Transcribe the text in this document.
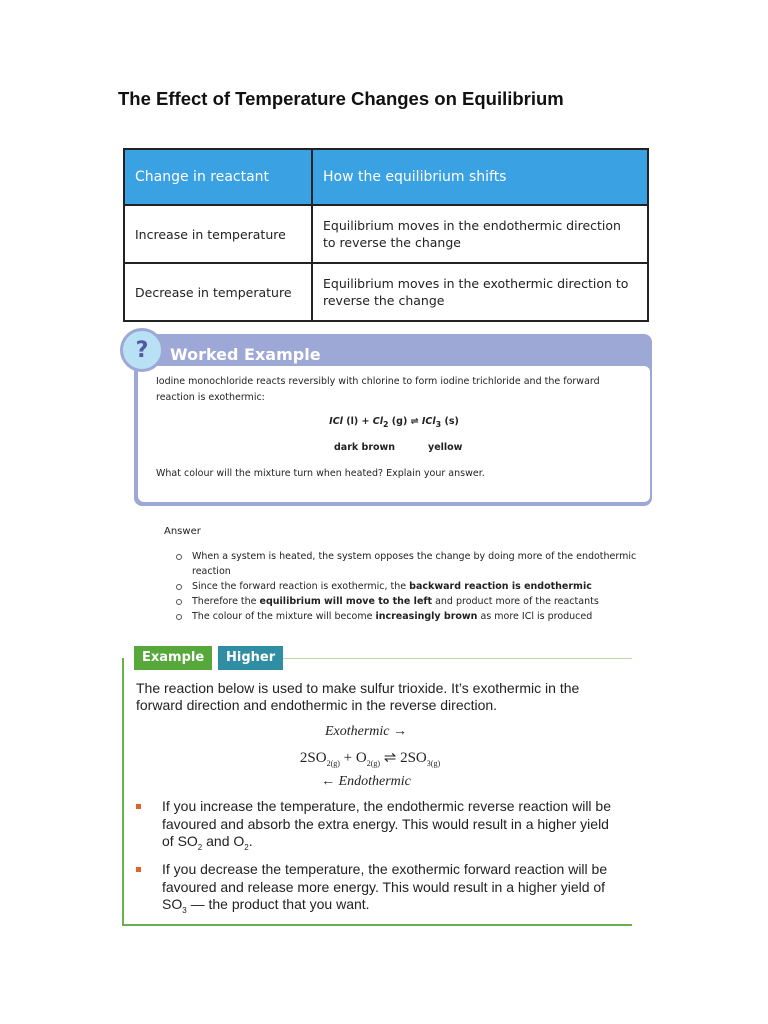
The Effect of Temperature Changes on Equilibrium
Change in reactant	How the equilibrium shifts
Increase in temperature	Equilibrium moves in the endothermic direction to reverse the change
Decrease in temperature	Equilibrium moves in the exothermic direction to reverse the change
Worked Example
Iodine monochloride reacts reversibly with chlorine to form iodine trichloride and the forward reaction is exothermic:
ICl $(l) + Cl_2$ (g) ⇌ ICl$_3$ (s)
dark brown	yellow
What colour will the mixture turn when heated? Explain your answer.
?
Answer
When a system is heated, the system opposes the change by doing more of the endothermic reaction
Since the forward reaction is exothermic, the backward reaction is endothermic
Therefore the equilibrium will move to the left and product more of the reactants
The colour of the mixture will become increasingly brown as more ICl is produced
Example	Higher
The reaction below is used to make sulfur trioxide. It’s exothermic in the forward direction and endothermic in the reverse direction.
Exothermic →
$2SO_{2(g)} + O_{2(g)}$ ⇌ $2SO_{3(g)}$
← Endothermic
If you increase the temperature, the endothermic reverse reaction will be favoured and absorb the extra energy. This would result in a higher yield of $SO_2$ and $O_2$.
If you decrease the temperature, the exothermic forward reaction will be favoured and release more energy. This would result in a higher yield of $SO_3$ — the product that you want.
